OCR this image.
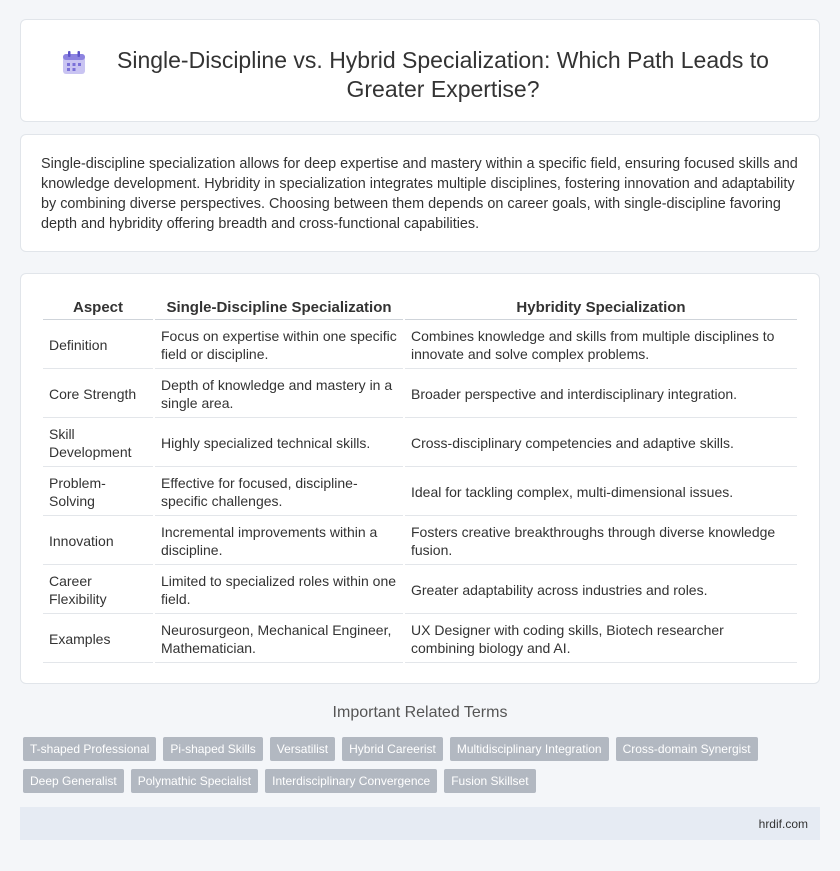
Single-Discipline vs. Hybrid Specialization: Which Path Leads to Greater Expertise?

Single-discipline specialization allows for deep expertise and mastery within a specific field, ensuring focused skills and knowledge development. Hybridity in specialization integrates multiple disciplines, fostering innovation and adaptability by combining diverse perspectives. Choosing between them depends on career goals, with single-discipline favoring depth and hybridity offering breadth and cross-functional capabilities.

Aspect	Single-Discipline Specialization	Hybridity Specialization
Definition	Focus on expertise within one specific field or discipline.	Combines knowledge and skills from multiple disciplines to innovate and solve complex problems.
Core Strength	Depth of knowledge and mastery in a single area.	Broader perspective and interdisciplinary integration.
Skill Development	Highly specialized technical skills.	Cross-disciplinary competencies and adaptive skills.
Problem-Solving	Effective for focused, discipline-specific challenges.	Ideal for tackling complex, multi-dimensional issues.
Innovation	Incremental improvements within a discipline.	Fosters creative breakthroughs through diverse knowledge fusion.
Career Flexibility	Limited to specialized roles within one field.	Greater adaptability across industries and roles.
Examples	Neurosurgeon, Mechanical Engineer, Mathematician.	UX Designer with coding skills, Biotech researcher combining biology and AI.
Important Related Terms
T-shaped Professional	Pi-shaped Skills	Versatilist	Hybrid Careerist	Multidisciplinary Integration	Cross-domain Synergist
Deep Generalist	Polymathic Specialist	Interdisciplinary Convergence	Fusion Skillset
hrdif.com
